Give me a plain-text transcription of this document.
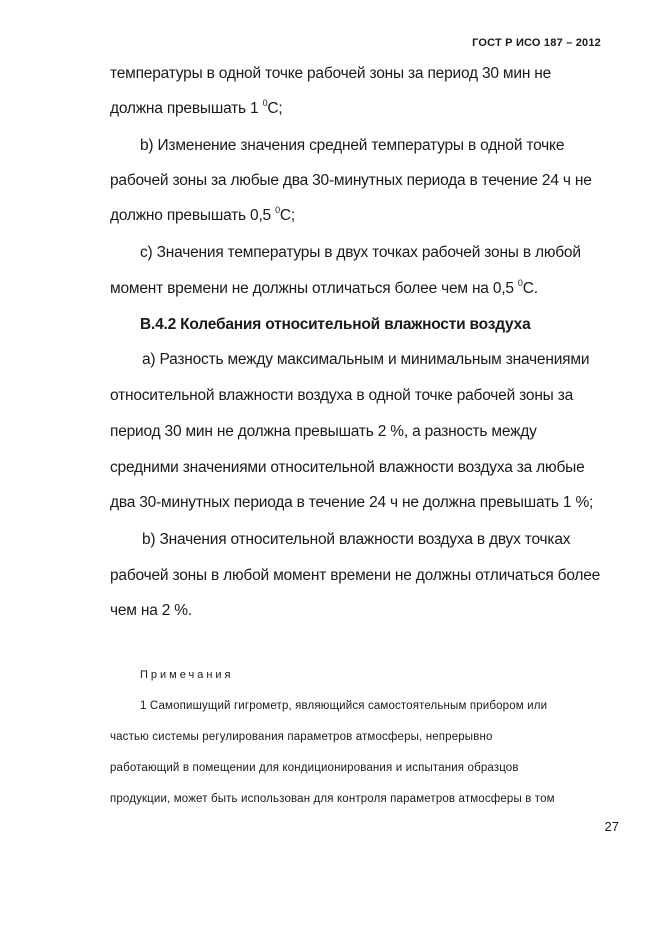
ГОСТ Р ИСО 187 – 2012
температуры в одной точке рабочей зоны за период 30 мин не
должна превышать 1 $^0$С;
b) Изменение значения средней температуры в одной точке
рабочей зоны за любые два 30-минутных периода в течение 24 ч не
должно превышать 0,5 $^0$С;
c) Значения температуры в двух точках рабочей зоны в любой
момент времени не должны отличаться более чем на 0,5 $^0$С.
В.4.2 Колебания относительной влажности воздуха
a) Разность между максимальным и минимальным значениями
относительной влажности воздуха в одной точке рабочей зоны за
период 30 мин не должна превышать 2 %, а разность между
средними значениями относительной влажности воздуха за любые
два 30-минутных периода в течение 24 ч не должна превышать 1 %;
b) Значения относительной влажности воздуха в двух точках
рабочей зоны в любой момент времени не должны отличаться более
чем на 2 %.
Примечания
1 Самопишущий гигрометр, являющийся самостоятельным прибором или
частью системы регулирования параметров атмосферы, непрерывно
работающий в помещении для кондиционирования и испытания образцов
продукции, может быть использован для контроля параметров атмосферы в том
27
